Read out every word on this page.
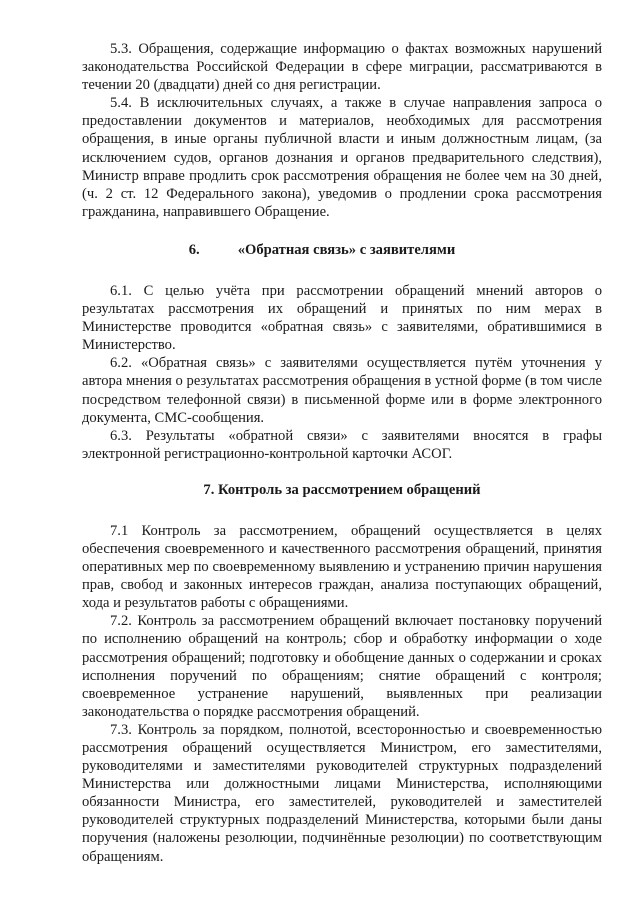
5.3. Обращения, содержащие информацию о фактах возможных нарушений законодательства Российской Федерации в сфере миграции, рассматриваются в течении 20 (двадцати) дней со дня регистрации.

5.4. В исключительных случаях, а также в случае направления запроса о предоставлении документов и материалов, необходимых для рассмотрения обращения, в иные органы публичной власти и иным должностным лицам, (за исключением судов, органов дознания и органов предварительного следствия), Министр вправе продлить срок рассмотрения обращения не более чем на 30 дней, (ч. 2 ст. 12 Федерального закона), уведомив о продлении срока рассмотрения гражданина, направившего Обращение.

6.	«Обратная связь» с заявителями

6.1. С целью учёта при рассмотрении обращений мнений авторов о результатах рассмотрения их обращений и принятых по ним мерах в Министерстве проводится «обратная связь» с заявителями, обратившимися в Министерство.

6.2. «Обратная связь» с заявителями осуществляется путём уточнения у автора мнения о результатах рассмотрения обращения в устной форме (в том числе посредством телефонной связи) в письменной форме или в форме электронного документа, СМС-сообщения.

6.3. Результаты «обратной связи» с заявителями вносятся в графы электронной регистрационно-контрольной карточки АСОГ.

7. Контроль за рассмотрением обращений

7.1 Контроль за рассмотрением, обращений осуществляется в целях обеспечения своевременного и качественного рассмотрения обращений, принятия оперативных мер по своевременному выявлению и устранению причин нарушения прав, свобод и законных интересов граждан, анализа поступающих обращений, хода и результатов работы с обращениями.

7.2. Контроль за рассмотрением обращений включает постановку поручений по исполнению обращений на контроль; сбор и обработку информации о ходе рассмотрения обращений; подготовку и обобщение данных о содержании и сроках исполнения поручений по обращениям; снятие обращений с контроля; своевременное устранение нарушений, выявленных при реализации законодательства о порядке рассмотрения обращений.

7.3. Контроль за порядком, полнотой, всесторонностью и своевременностью рассмотрения обращений осуществляется Министром, его заместителями, руководителями и заместителями руководителей структурных подразделений Министерства или должностными лицами Министерства, исполняющими обязанности Министра, его заместителей, руководителей и заместителей руководителей структурных подразделений Министерства, которыми были даны поручения (наложены резолюции, подчинённые резолюции) по соответствующим обращениям.
